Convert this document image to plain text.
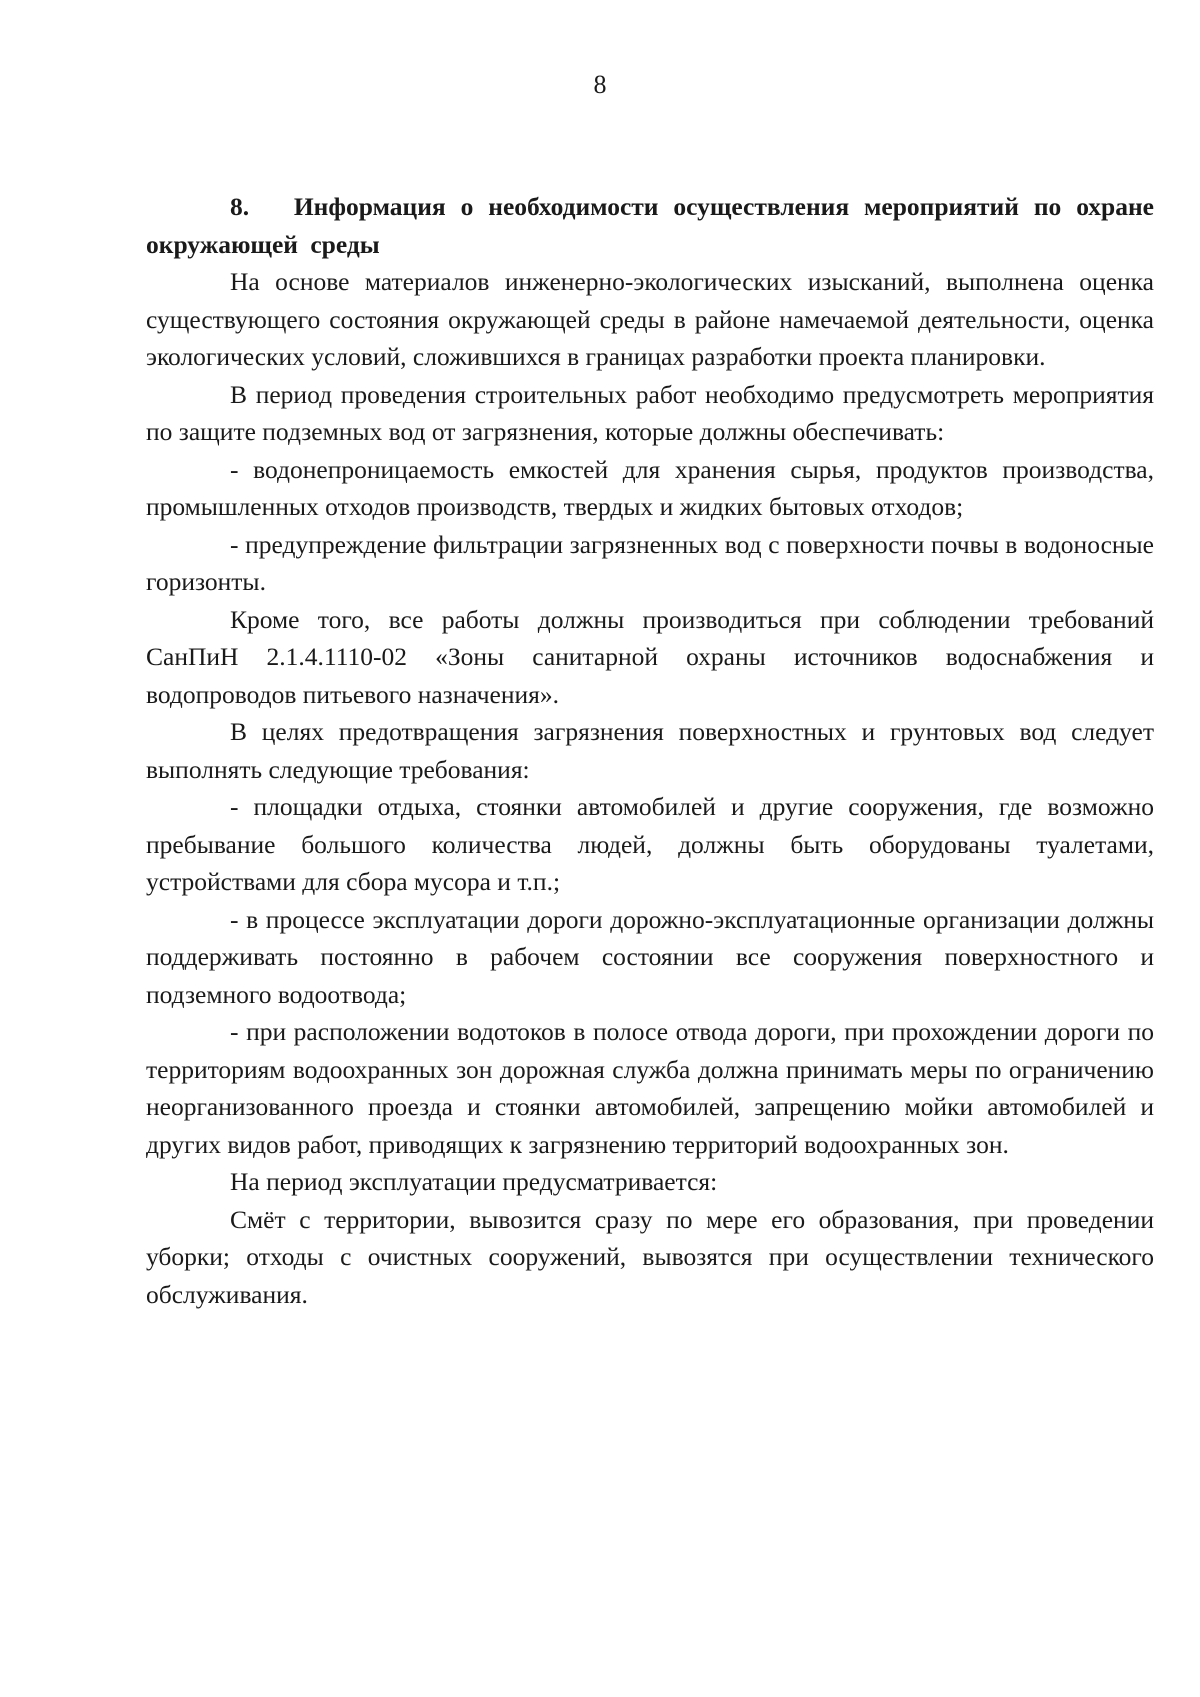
8

8.   Информация о необходимости осуществления мероприятий по охране окружающей среды

На основе материалов инженерно-экологических изысканий, выполнена оценка существующего состояния окружающей среды в районе намечаемой деятельности, оценка экологических условий, сложившихся в границах разработки проекта планировки.

В период проведения строительных работ необходимо предусмотреть мероприятия по защите подземных вод от загрязнения, которые должны обеспечивать:

- водонепроницаемость емкостей для хранения сырья, продуктов производства, промышленных отходов производств, твердых и жидких бытовых отходов;

- предупреждение фильтрации загрязненных вод с поверхности почвы в водоносные горизонты.

Кроме того, все работы должны производиться при соблюдении требований СанПиН 2.1.4.1110-02 «Зоны санитарной охраны источников водоснабжения и водопроводов питьевого назначения».

В целях предотвращения загрязнения поверхностных и грунтовых вод следует выполнять следующие требования:

- площадки отдыха, стоянки автомобилей и другие сооружения, где возможно пребывание большого количества людей, должны быть оборудованы туалетами, устройствами для сбора мусора и т.п.;

- в процессе эксплуатации дороги дорожно-эксплуатационные организации должны поддерживать постоянно в рабочем состоянии все сооружения поверхностного и подземного водоотвода;

- при расположении водотоков в полосе отвода дороги, при прохождении дороги по территориям водоохранных зон дорожная служба должна принимать меры по ограничению неорганизованного проезда и стоянки автомобилей, запрещению мойки автомобилей и других видов работ, приводящих к загрязнению территорий водоохранных зон.

На период эксплуатации предусматривается:

Смёт с территории, вывозится сразу по мере его образования, при проведении уборки; отходы с очистных сооружений, вывозятся при осуществлении технического обслуживания.
